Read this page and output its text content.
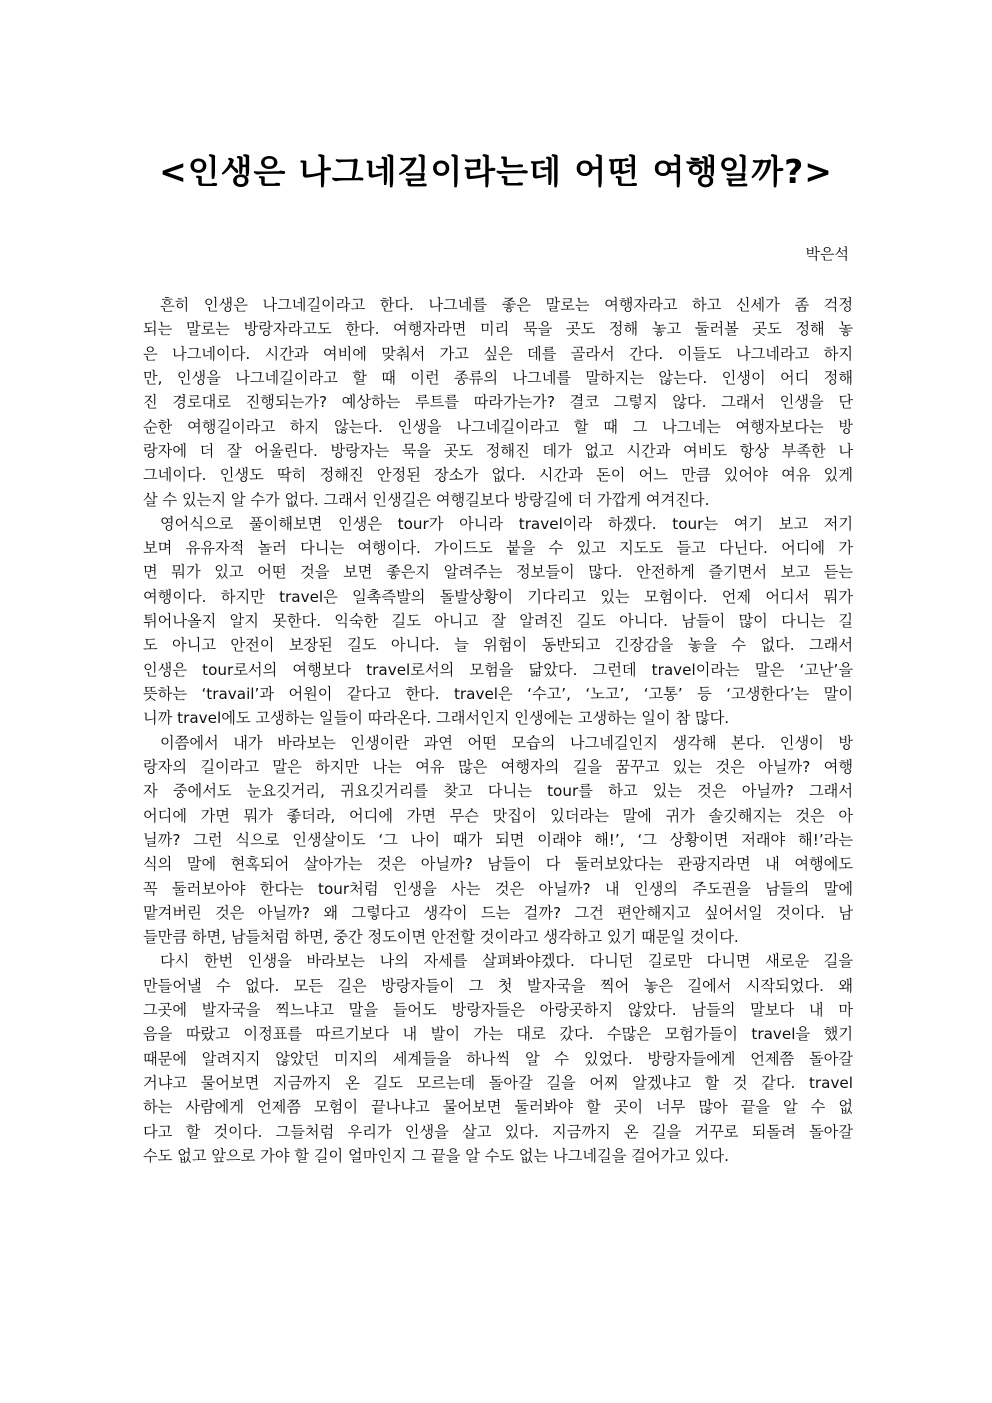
<인생은 나그네길이라는데 어떤 여행일까?>
박은석
흔히 인생은 나그네길이라고 한다. 나그네를 좋은 말로는 여행자라고 하고 신세가 좀 걱정
되는 말로는 방랑자라고도 한다. 여행자라면 미리 묵을 곳도 정해 놓고 둘러볼 곳도 정해 놓
은 나그네이다. 시간과 여비에 맞춰서 가고 싶은 데를 골라서 간다. 이들도 나그네라고 하지
만, 인생을 나그네길이라고 할 때 이런 종류의 나그네를 말하지는 않는다. 인생이 어디 정해
진 경로대로 진행되는가? 예상하는 루트를 따라가는가? 결코 그렇지 않다. 그래서 인생을 단
순한 여행길이라고 하지 않는다. 인생을 나그네길이라고 할 때 그 나그네는 여행자보다는 방
랑자에 더 잘 어울린다. 방랑자는 묵을 곳도 정해진 데가 없고 시간과 여비도 항상 부족한 나
그네이다. 인생도 딱히 정해진 안정된 장소가 없다. 시간과 돈이 어느 만큼 있어야 여유 있게
살 수 있는지 알 수가 없다. 그래서 인생길은 여행길보다 방랑길에 더 가깝게 여겨진다.
영어식으로 풀이해보면 인생은 tour가 아니라 travel이라 하겠다. tour는 여기 보고 저기
보며 유유자적 놀러 다니는 여행이다. 가이드도 붙을 수 있고 지도도 들고 다닌다. 어디에 가
면 뭐가 있고 어떤 것을 보면 좋은지 알려주는 정보들이 많다. 안전하게 즐기면서 보고 듣는
여행이다. 하지만 travel은 일촉즉발의 돌발상황이 기다리고 있는 모험이다. 언제 어디서 뭐가
튀어나올지 알지 못한다. 익숙한 길도 아니고 잘 알려진 길도 아니다. 남들이 많이 다니는 길
도 아니고 안전이 보장된 길도 아니다. 늘 위험이 동반되고 긴장감을 놓을 수 없다. 그래서
인생은 tour로서의 여행보다 travel로서의 모험을 닮았다. 그런데 travel이라는 말은 ‘고난’을
뜻하는 ‘travail’과 어원이 같다고 한다. travel은 ‘수고’, ‘노고’, ‘고통’ 등 ‘고생한다’는 말이
니까 travel에도 고생하는 일들이 따라온다. 그래서인지 인생에는 고생하는 일이 참 많다.
이쯤에서 내가 바라보는 인생이란 과연 어떤 모습의 나그네길인지 생각해 본다. 인생이 방
랑자의 길이라고 말은 하지만 나는 여유 많은 여행자의 길을 꿈꾸고 있는 것은 아닐까? 여행
자 중에서도 눈요깃거리, 귀요깃거리를 찾고 다니는 tour를 하고 있는 것은 아닐까? 그래서
어디에 가면 뭐가 좋더라, 어디에 가면 무슨 맛집이 있더라는 말에 귀가 솔깃해지는 것은 아
닐까? 그런 식으로 인생살이도 ‘그 나이 때가 되면 이래야 해!’, ‘그 상황이면 저래야 해!’라는
식의 말에 현혹되어 살아가는 것은 아닐까? 남들이 다 둘러보았다는 관광지라면 내 여행에도
꼭 둘러보아야 한다는 tour처럼 인생을 사는 것은 아닐까? 내 인생의 주도권을 남들의 말에
맡겨버린 것은 아닐까? 왜 그렇다고 생각이 드는 걸까? 그건 편안해지고 싶어서일 것이다. 남
들만큼 하면, 남들처럼 하면, 중간 정도이면 안전할 것이라고 생각하고 있기 때문일 것이다.
다시 한번 인생을 바라보는 나의 자세를 살펴봐야겠다. 다니던 길로만 다니면 새로운 길을
만들어낼 수 없다. 모든 길은 방랑자들이 그 첫 발자국을 찍어 놓은 길에서 시작되었다. 왜
그곳에 발자국을 찍느냐고 말을 들어도 방랑자들은 아랑곳하지 않았다. 남들의 말보다 내 마
음을 따랐고 이정표를 따르기보다 내 발이 가는 대로 갔다. 수많은 모험가들이 travel을 했기
때문에 알려지지 않았던 미지의 세계들을 하나씩 알 수 있었다. 방랑자들에게 언제쯤 돌아갈
거냐고 물어보면 지금까지 온 길도 모르는데 돌아갈 길을 어찌 알겠냐고 할 것 같다. travel
하는 사람에게 언제쯤 모험이 끝나냐고 물어보면 둘러봐야 할 곳이 너무 많아 끝을 알 수 없
다고 할 것이다. 그들처럼 우리가 인생을 살고 있다. 지금까지 온 길을 거꾸로 되돌려 돌아갈
수도 없고 앞으로 가야 할 길이 얼마인지 그 끝을 알 수도 없는 나그네길을 걸어가고 있다.
